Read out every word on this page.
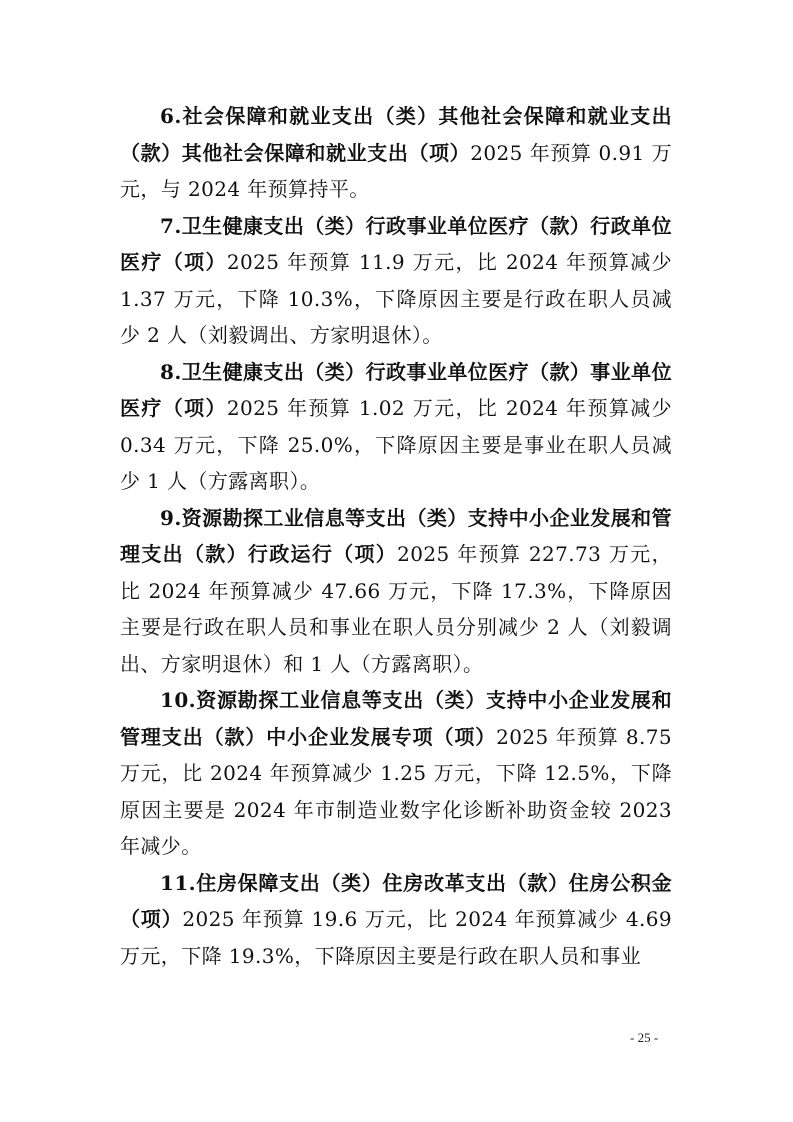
6.社会保障和就业支出（类）其他社会保障和就业支出（款）其他社会保障和就业支出（项）2025 年预算 0.91 万元，与 2024 年预算持平。

7.卫生健康支出（类）行政事业单位医疗（款）行政单位医疗（项）2025 年预算 11.9 万元，比 2024 年预算减少 1.37 万元，下降 10.3%，下降原因主要是行政在职人员减少 2 人（刘毅调出、方家明退休）。

8.卫生健康支出（类）行政事业单位医疗（款）事业单位医疗（项）2025 年预算 1.02 万元，比 2024 年预算减少 0.34 万元，下降 25.0%，下降原因主要是事业在职人员减少 1 人（方露离职）。

9.资源勘探工业信息等支出（类）支持中小企业发展和管理支出（款）行政运行（项）2025 年预算 227.73 万元，比 2024 年预算减少 47.66 万元，下降 17.3%，下降原因主要是行政在职人员和事业在职人员分别减少 2 人（刘毅调出、方家明退休）和 1 人（方露离职）。

10.资源勘探工业信息等支出（类）支持中小企业发展和管理支出（款）中小企业发展专项（项）2025 年预算 8.75 万元，比 2024 年预算减少 1.25 万元，下降 12.5%，下降原因主要是 2024 年市制造业数字化诊断补助资金较 2023 年减少。

11.住房保障支出（类）住房改革支出（款）住房公积金（项）2025 年预算 19.6 万元，比 2024 年预算减少 4.69 万元，下降 19.3%，下降原因主要是行政在职人员和事业

- 25 -
